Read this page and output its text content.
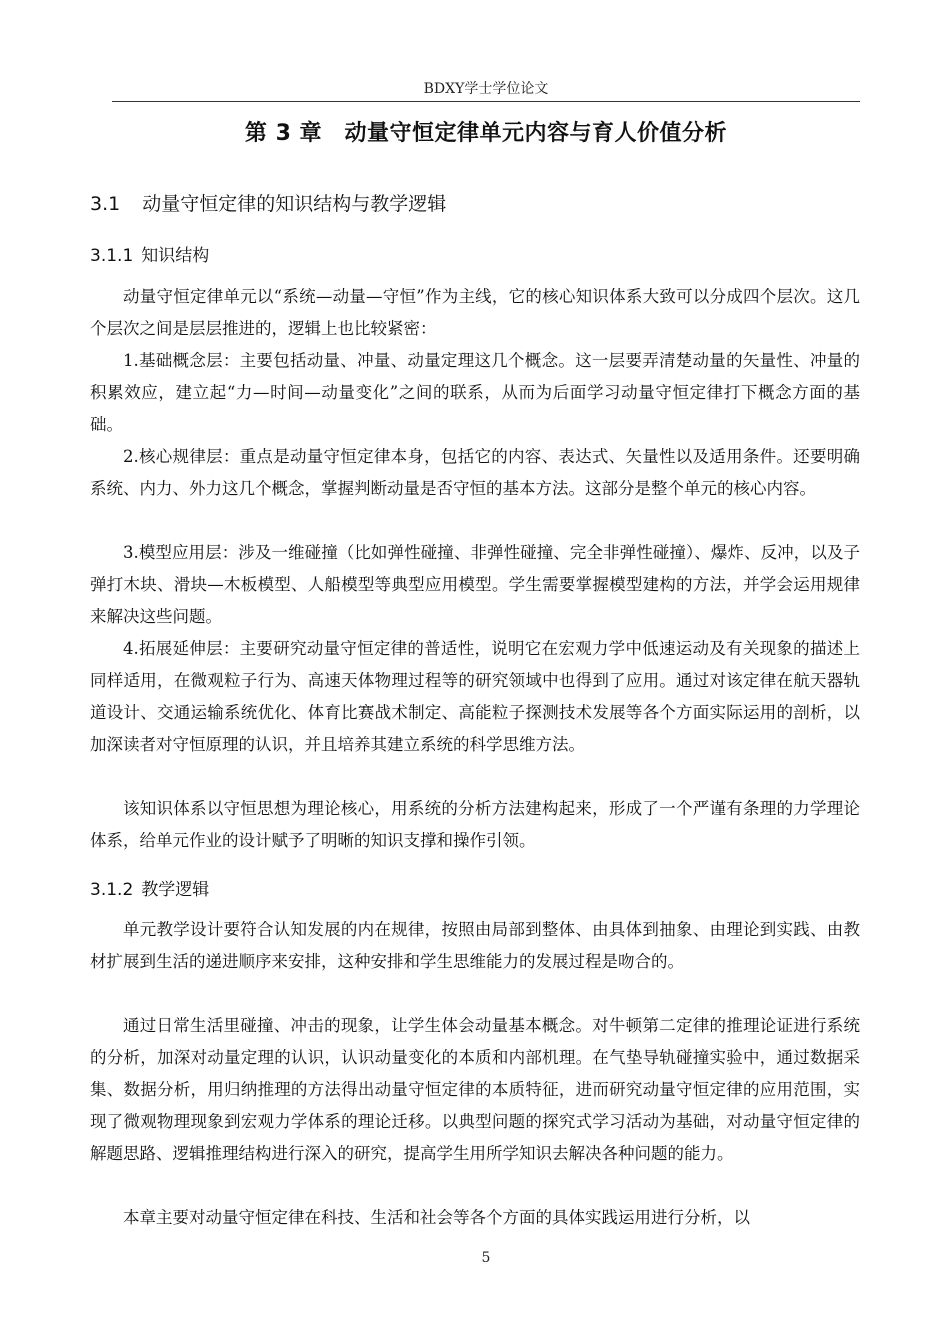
BDXY学士学位论文
第 3 章　动量守恒定律单元内容与育人价值分析
3.1 动量守恒定律的知识结构与教学逻辑
3.1.1 知识结构

动量守恒定律单元以“系统—动量—守恒”作为主线，它的核心知识体系大致可以分成四个层次。这几个层次之间是层层推进的，逻辑上也比较紧密：

1.基础概念层：主要包括动量、冲量、动量定理这几个概念。这一层要弄清楚动量的矢量性、冲量的积累效应，建立起“力—时间—动量变化”之间的联系，从而为后面学习动量守恒定律打下概念方面的基础。

2.核心规律层：重点是动量守恒定律本身，包括它的内容、表达式、矢量性以及适用条件。还要明确系统、内力、外力这几个概念，掌握判断动量是否守恒的基本方法。这部分是整个单元的核心内容。

3.模型应用层：涉及一维碰撞（比如弹性碰撞、非弹性碰撞、完全非弹性碰撞）、爆炸、反冲，以及子弹打木块、滑块—木板模型、人船模型等典型应用模型。学生需要掌握模型建构的方法，并学会运用规律来解决这些问题。

4.拓展延伸层：主要研究动量守恒定律的普适性，说明它在宏观力学中低速运动及有关现象的描述上同样适用，在微观粒子行为、高速天体物理过程等的研究领域中也得到了应用。通过对该定律在航天器轨道设计、交通运输系统优化、体育比赛战术制定、高能粒子探测技术发展等各个方面实际运用的剖析，以加深读者对守恒原理的认识，并且培养其建立系统的科学思维方法。

该知识体系以守恒思想为理论核心，用系统的分析方法建构起来，形成了一个严谨有条理的力学理论体系，给单元作业的设计赋予了明晰的知识支撑和操作引领。

3.1.2 教学逻辑

单元教学设计要符合认知发展的内在规律，按照由局部到整体、由具体到抽象、由理论到实践、由教材扩展到生活的递进顺序来安排，这种安排和学生思维能力的发展过程是吻合的。

通过日常生活里碰撞、冲击的现象，让学生体会动量基本概念。对牛顿第二定律的推理论证进行系统的分析，加深对动量定理的认识，认识动量变化的本质和内部机理。在气垫导轨碰撞实验中，通过数据采集、数据分析，用归纳推理的方法得出动量守恒定律的本质特征，进而研究动量守恒定律的应用范围，实现了微观物理现象到宏观力学体系的理论迁移。以典型问题的探究式学习活动为基础，对动量守恒定律的解题思路、逻辑推理结构进行深入的研究，提高学生用所学知识去解决各种问题的能力。

本章主要对动量守恒定律在科技、生活和社会等各个方面的具体实践运用进行分析，以

5
